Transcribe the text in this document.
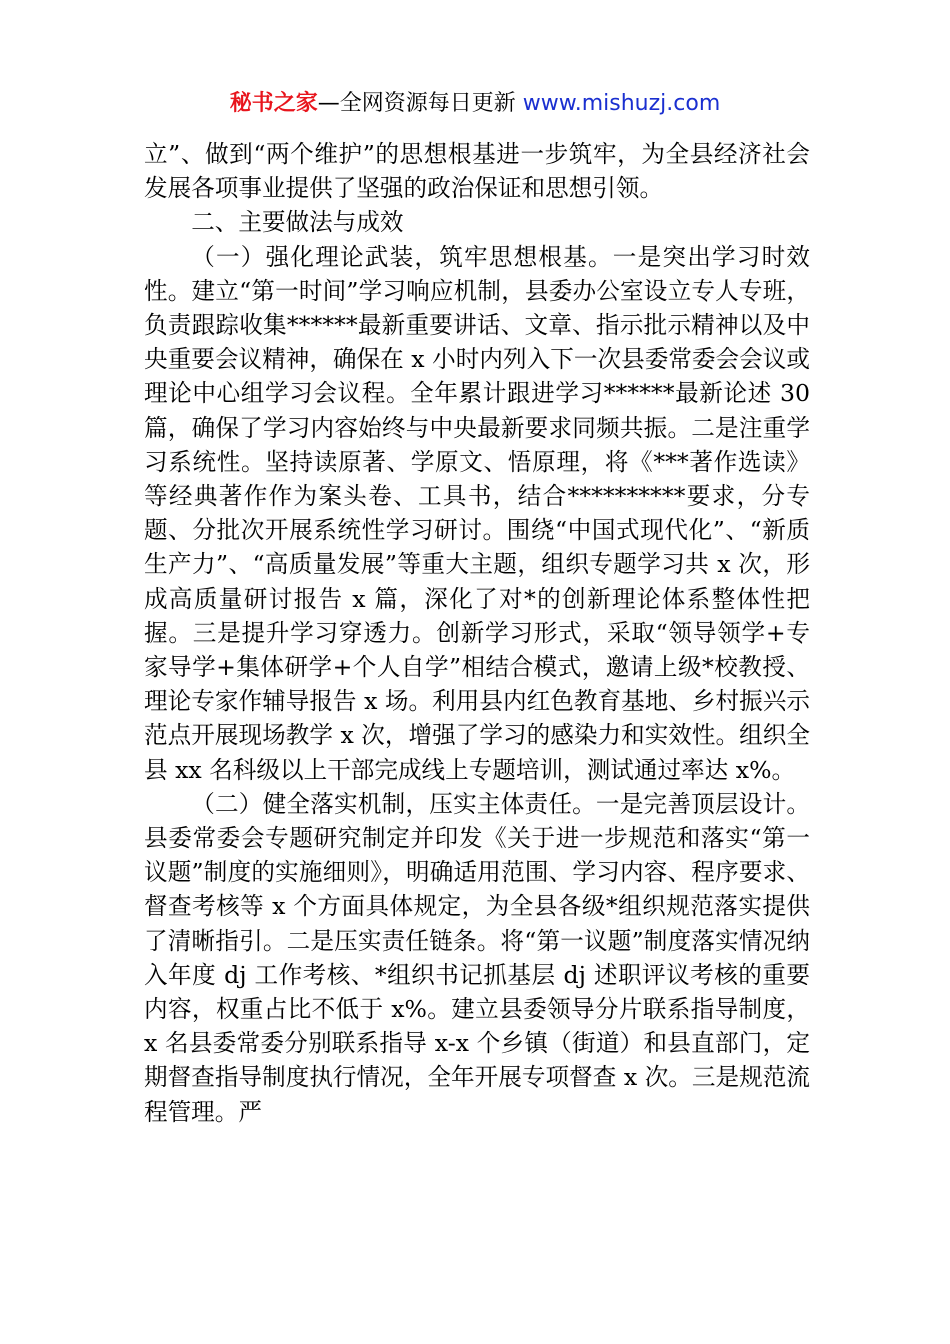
秘书之家—全网资源每日更新 www.mishuzj.com

立”、做到“两个维护”的思想根基进一步筑牢，为全县经济社会发展各项事业提供了坚强的政治保证和思想引领。

二、主要做法与成效

（一）强化理论武装，筑牢思想根基。一是突出学习时效性。建立“第一时间”学习响应机制，县委办公室设立专人专班，负责跟踪收集******最新重要讲话、文章、指示批示精神以及中央重要会议精神，确保在 x 小时内列入下一次县委常委会会议或理论中心组学习会议程。全年累计跟进学习******最新论述 30 篇，确保了学习内容始终与中央最新要求同频共振。二是注重学习系统性。坚持读原著、学原文、悟原理，将《***著作选读》等经典著作作为案头卷、工具书，结合**********要求，分专题、分批次开展系统性学习研讨。围绕“中国式现代化”、“新质生产力”、“高质量发展”等重大主题，组织专题学习共 x 次，形成高质量研讨报告 x 篇，深化了对*的创新理论体系整体性把握。三是提升学习穿透力。创新学习形式，采取“领导领学+专家导学+集体研学+个人自学”相结合模式，邀请上级*校教授、理论专家作辅导报告 x 场。利用县内红色教育基地、乡村振兴示范点开展现场教学 x 次，增强了学习的感染力和实效性。组织全县 xx 名科级以上干部完成线上专题培训，测试通过率达 x%。

（二）健全落实机制，压实主体责任。一是完善顶层设计。县委常委会专题研究制定并印发《关于进一步规范和落实“第一议题”制度的实施细则》，明确适用范围、学习内容、程序要求、督查考核等 x 个方面具体规定，为全县各级*组织规范落实提供了清晰指引。二是压实责任链条。将“第一议题”制度落实情况纳入年度 dj 工作考核、*组织书记抓基层 dj 述职评议考核的重要内容，权重占比不低于 x%。建立县委领导分片联系指导制度，x 名县委常委分别联系指导 x-x 个乡镇（街道）和县直部门，定期督查指导制度执行情况，全年开展专项督查 x 次。三是规范流程管理。严
